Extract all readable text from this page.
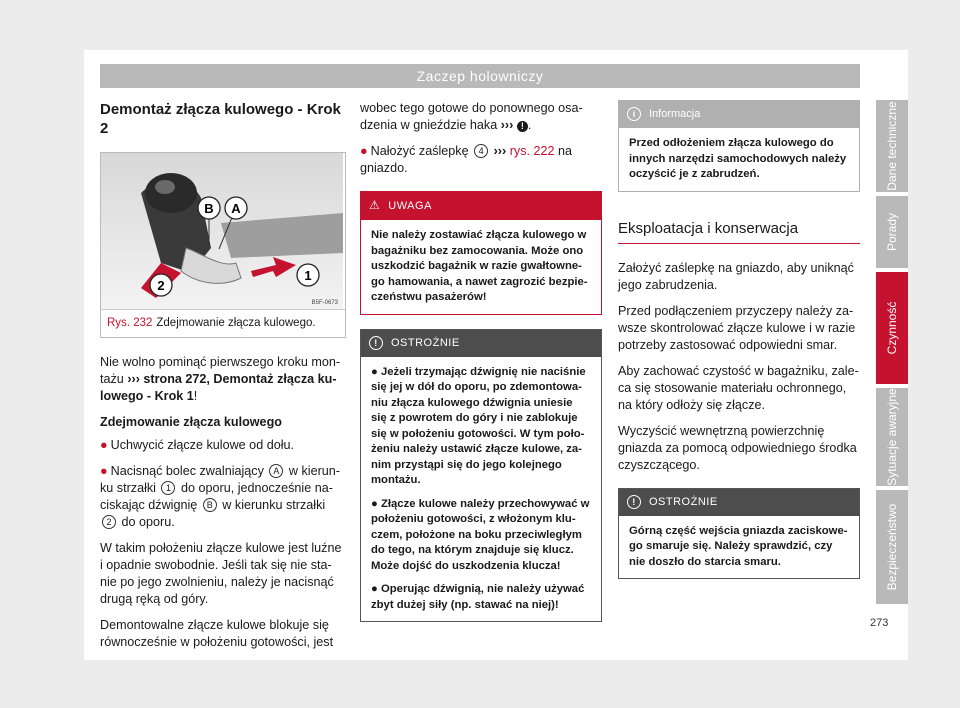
Zaczep holowniczy
Demontaż złącza kulowego - Krok 2
B A
1
2
B5F-0673
Rys. 232 Zdejmowanie złącza kulowego.

Nie wolno pominąć pierwszego kroku mon-tażu ››› strona 272, Demontaż złącza ku-lowego - Krok 1!

Zdejmowanie złącza kulowego

● Uchwycić złącze kulowe od dołu.
● Nacisnąć bolec zwalniający A w kierun-ku strzałki 1 do oporu, jednocześnie na-ciskając dźwignię B w kierunku strzałki 2 do oporu.

W takim położeniu złącze kulowe jest luźne i opadnie swobodnie. Jeśli tak się nie sta-nie po jego zwolnieniu, należy je nacisnąć drugą ręką od góry.

Demontowalne złącze kulowe blokuje się równocześnie w położeniu gotowości, jest

wobec tego gotowe do ponownego osa-dzenia w gnieździe haka ››› ! .

● Nałożyć zaślepkę 4 ››› rys. 222 na gniazdo.
⚠ UWAGA
Nie należy zostawiać złącza kulowego w bagażniku bez zamocowania. Może ono uszkodzić bagażnik w razie gwałtowne-go hamowania, a nawet zagrozić bezpie-czeństwu pasażerów!
! OSTROŻNIE
● Jeżeli trzymając dźwignię nie naciśnie się jej w dół do oporu, po zdemontowa-niu złącza kulowego dźwignia uniesie się z powrotem do góry i nie zablokuje się w położeniu gotowości. W tym poło-żeniu należy ustawić złącze kulowe, za-nim przystąpi się do jego kolejnego montażu.
● Złącze kulowe należy przechowywać w położeniu gotowości, z włożonym klu-czem, położone na boku przeciwległym do tego, na którym znajduje się klucz. Może dojść do uszkodzenia klucza!
● Operując dźwignią, nie należy używać zbyt dużej siły (np. stawać na niej)!
i Informacja
Przed odłożeniem złącza kulowego do innych narzędzi samochodowych należy oczyścić je z zabrudzeń.
Eksploatacja i konserwacja

Założyć zaślepkę na gniazdo, aby uniknąć jego zabrudzenia.

Przed podłączeniem przyczepy należy za-wsze skontrolować złącze kulowe i w razie potrzeby zastosować odpowiedni smar.

Aby zachować czystość w bagażniku, zale-ca się stosowanie materiału ochronnego, na który odłoży się złącze.

Wyczyścić wewnętrzną powierzchnię gniazda za pomocą odpowiedniego środka czyszczącego.

! OSTROŻNIE
Górną część wejścia gniazda zaciskowe-go smaruje się. Należy sprawdzić, czy nie doszło do starcia smaru.
Dane techniczne
Porady
Czynność
Sytuacje awaryjne
Bezpieczeństwo
273
